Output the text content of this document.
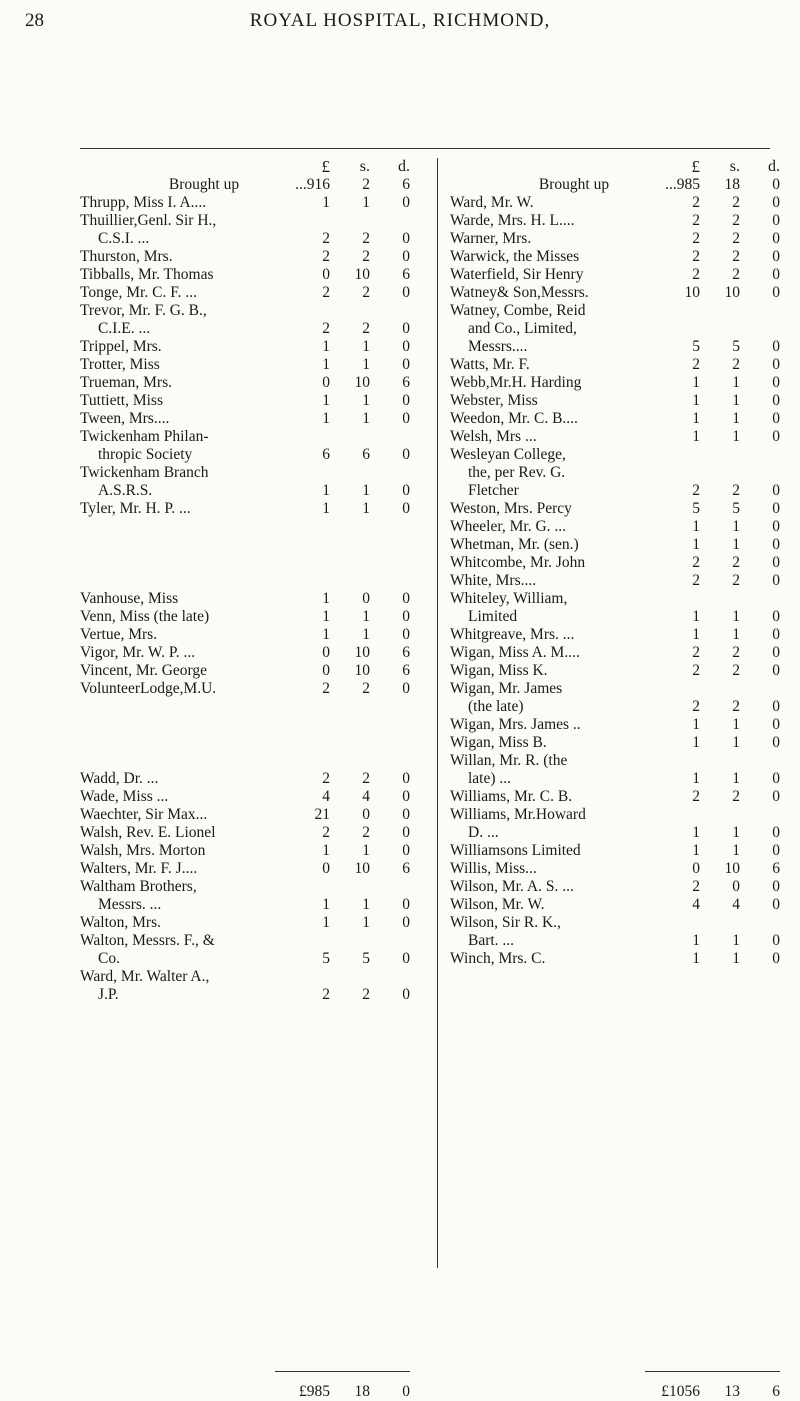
28	ROYAL HOSPITAL, RICHMOND,
£ s. d.
Brought up	...916 2 6
Thrupp, Miss I. A....	1 1 0
Thuillier,Genl. Sir H.,
C.S.I. ...	2 2 0
Thurston, Mrs.	2 2 0
Tibballs, Mr. Thomas	0 10 6
Tonge, Mr. C. F. ...	2 2 0
Trevor, Mr. F. G. B.,
C.I.E. ...	2 2 0
Trippel, Mrs.	1 1 0
Trotter, Miss	1 1 0
Trueman, Mrs.	0 10 6
Tuttiett, Miss	1 1 0
Tween, Mrs....	1 1 0
Twickenham Philan-
thropic Society	6 6 0
Twickenham Branch
A.S.R.S.	1 1 0
Tyler, Mr. H. P. ...	1 1 0
Vanhouse, Miss	1 0 0
Venn, Miss (the late)	1 1 0
Vertue, Mrs.	1 1 0
Vigor, Mr. W. P. ...	0 10 6
Vincent, Mr. George	0 10 6
VolunteerLodge,M.U.	2 2 0
Wadd, Dr. ...	2 2 0
Wade, Miss ...	4 4 0
Waechter, Sir Max...	21 0 0
Walsh, Rev. E. Lionel	2 2 0
Walsh, Mrs. Morton	1 1 0
Walters, Mr. F. J....	0 10 6
Waltham Brothers,
Messrs. ...	1 1 0
Walton, Mrs.	1 1 0
Walton, Messrs. F., &
Co.	5 5 0
Ward, Mr. Walter A.,
J.P.	2 2 0
£985 18 0
£ s. d.
Brought up	...985 18 0
Ward, Mr. W.	2 2 0
Warde, Mrs. H. L....	2 2 0
Warner, Mrs.	2 2 0
Warwick, the Misses	2 2 0
Waterfield, Sir Henry	2 2 0
Watney& Son,Messrs.	10 10 0
Watney, Combe, Reid
and Co., Limited,
Messrs....	5 5 0
Watts, Mr. F.	2 2 0
Webb,Mr.H. Harding	1 1 0
Webster, Miss	1 1 0
Weedon, Mr. C. B....	1 1 0
Welsh, Mrs ...	1 1 0
Wesleyan College,
the, per Rev. G.
Fletcher	2 2 0
Weston, Mrs. Percy	5 5 0
Wheeler, Mr. G. ...	1 1 0
Whetman, Mr. (sen.)	1 1 0
Whitcombe, Mr. John	2 2 0
White, Mrs....	2 2 0
Whiteley, William,
Limited	1 1 0
Whitgreave, Mrs. ...	1 1 0
Wigan, Miss A. M....	2 2 0
Wigan, Miss K.	2 2 0
Wigan, Mr. James
(the late)	2 2 0
Wigan, Mrs. James ..	1 1 0
Wigan, Miss B.	1 1 0
Willan, Mr. R. (the
late) ...	1 1 0
Williams, Mr. C. B.	2 2 0
Williams, Mr.Howard
D. ...	1 1 0
Williamsons Limited	1 1 0
Willis, Miss...	0 10 6
Wilson, Mr. A. S. ...	2 0 0
Wilson, Mr. W.	4 4 0
Wilson, Sir R. K.,
Bart. ...	1 1 0
Winch, Mrs. C.	1 1 0
£1056 13 6
